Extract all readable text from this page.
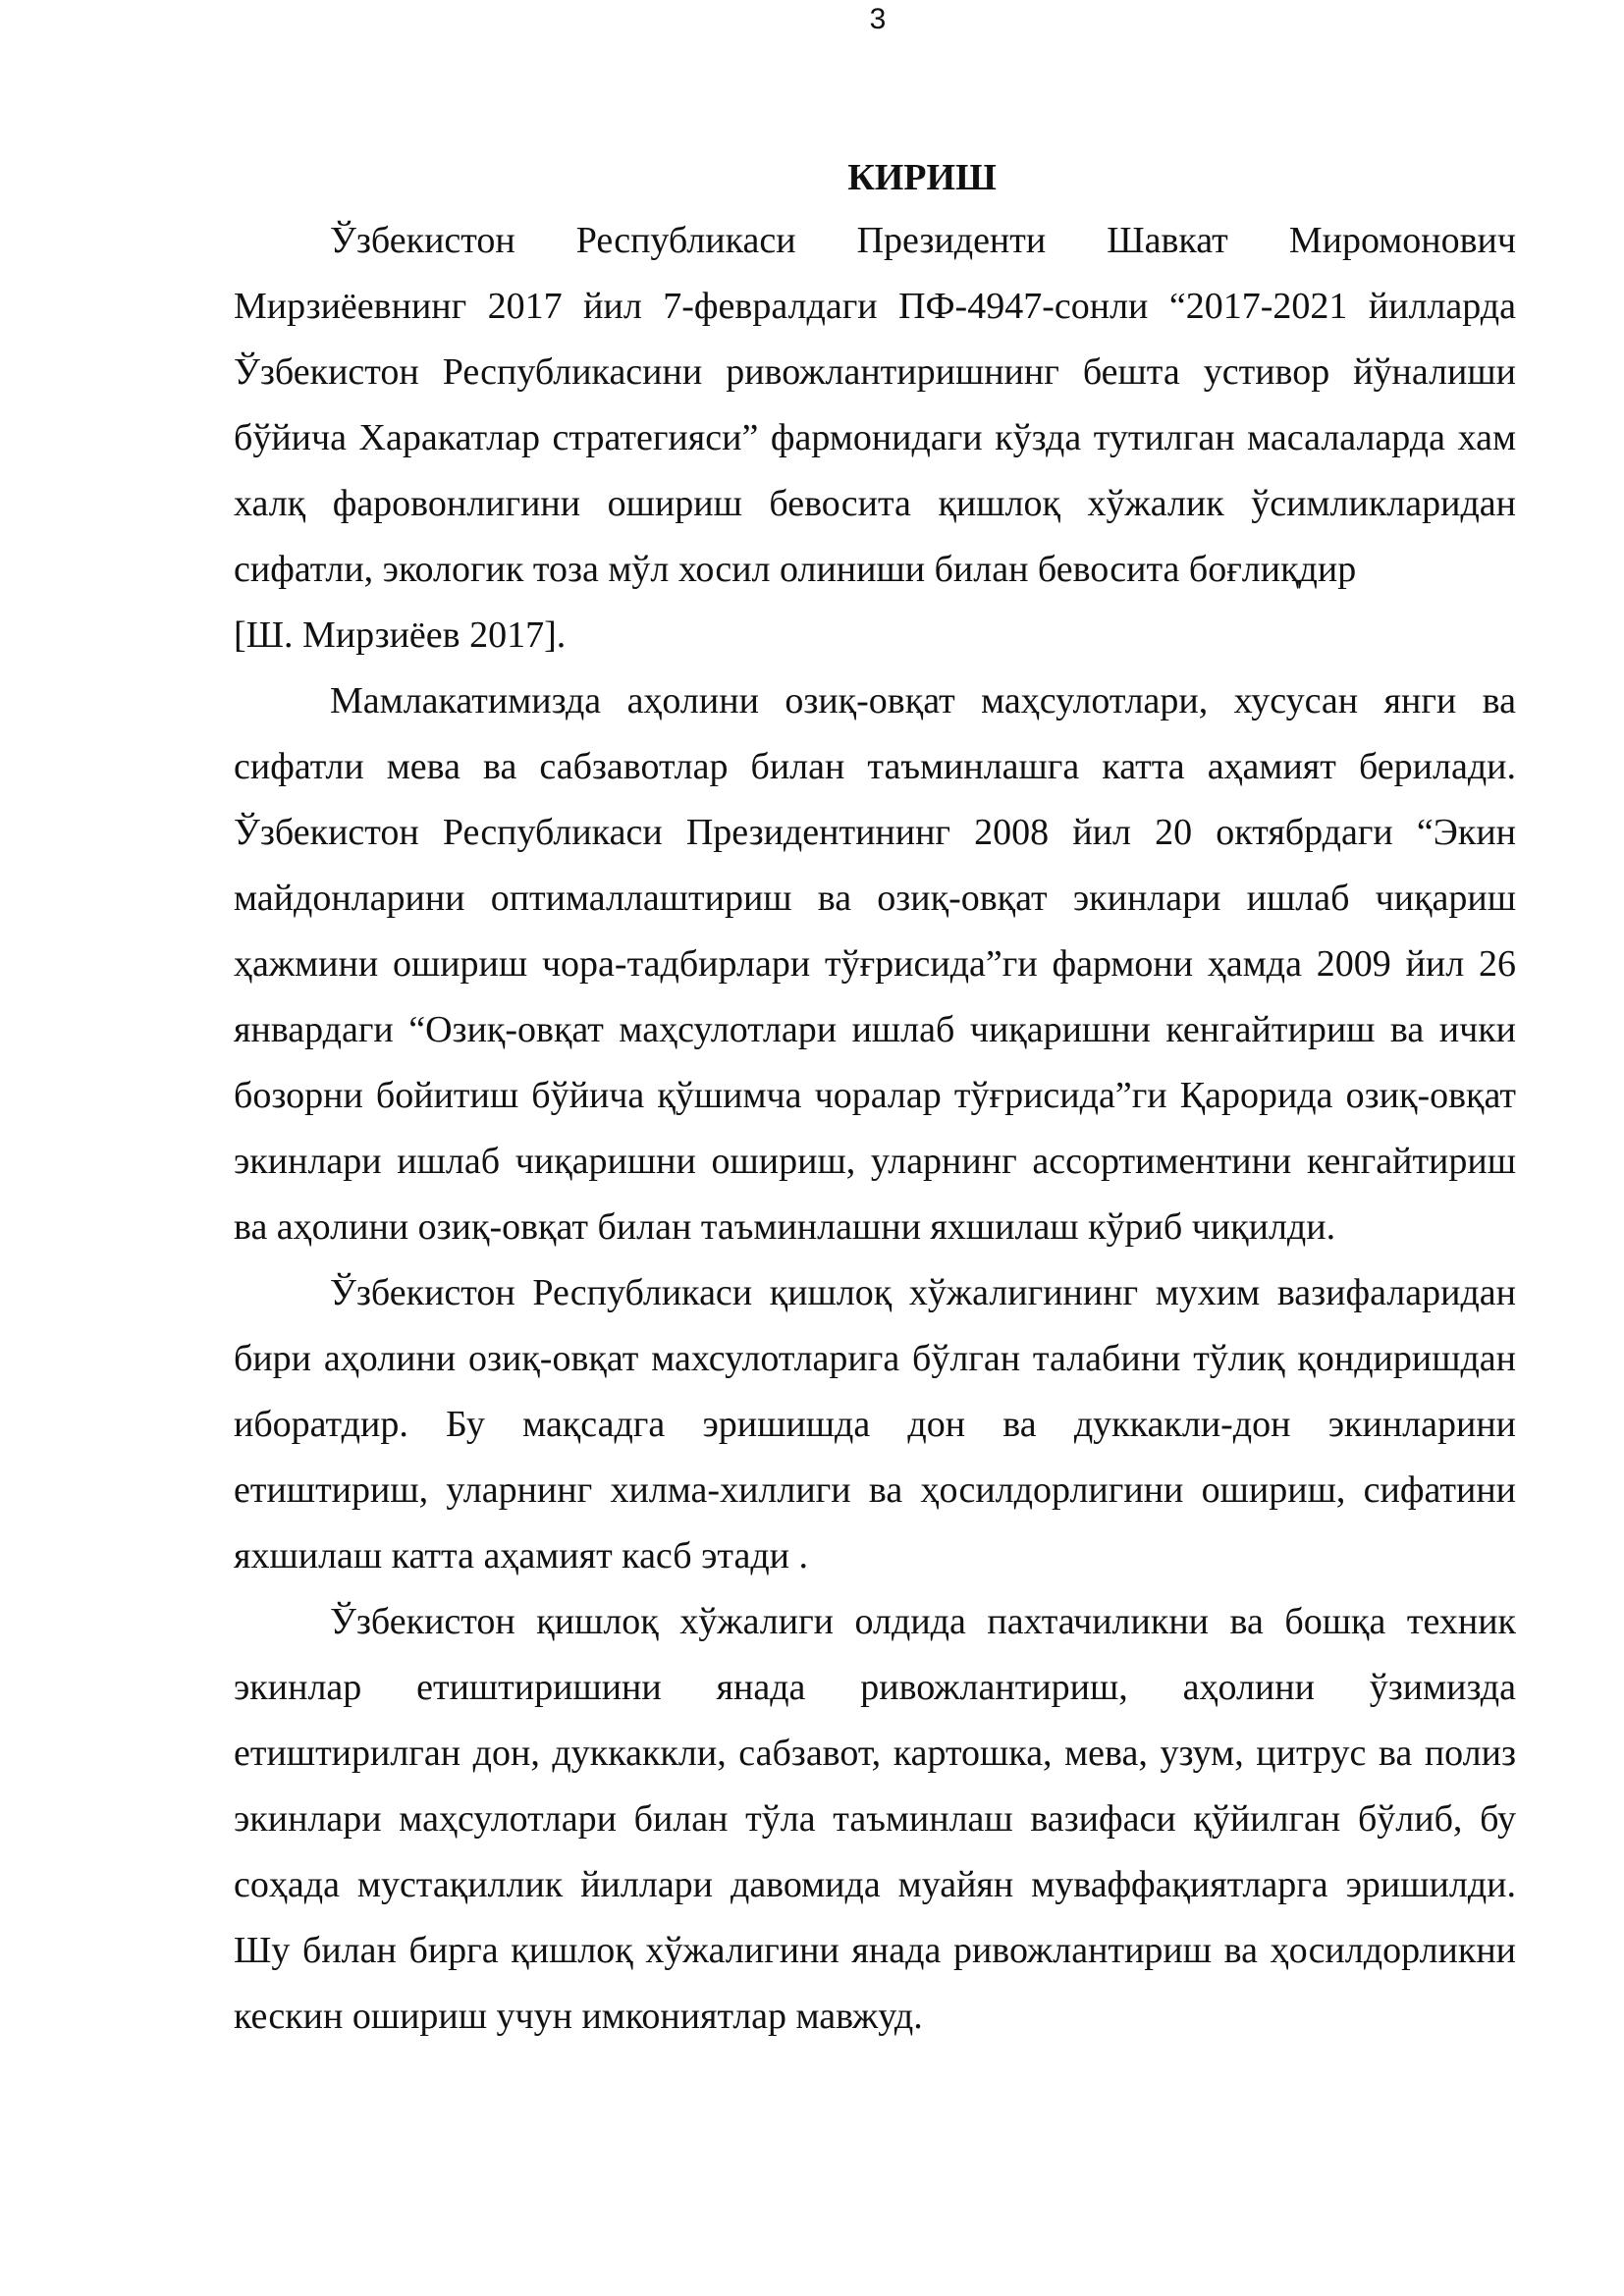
3
КИРИШ

Ўзбекистон Республикаси Президенти Шавкат Миромонович Мирзиёевнинг 2017 йил 7-февралдаги ПФ-4947-сонли “2017-2021 йилларда Ўзбекистон Республикасини ривожлантиришнинг бешта устивор йўналиши бўйича Харакатлар стратегияси” фармонидаги кўзда тутилган масалаларда хам халқ фаровонлигини ошириш бевосита қишлоқ хўжалик ўсимликларидан сифатли, экологик тоза мўл хосил олиниши билан бевосита боғлиқдир

[Ш. Мирзиёев 2017].

Мамлакатимизда аҳолини озиқ-овқат маҳсулотлари, хусусан янги ва сифатли мева ва сабзавотлар билан таъминлашга катта аҳамият берилади. Ўзбекистон Республикаси Президентининг 2008 йил 20 октябрдаги “Экин майдонларини оптималлаштириш ва озиқ-овқат экинлари ишлаб чиқариш ҳажмини ошириш чора-тадбирлари тўғрисида”ги фармони ҳамда 2009 йил 26 январдаги “Озиқ-овқат маҳсулотлари ишлаб чиқаришни кенгайтириш ва ички бозорни бойитиш бўйича қўшимча чоралар тўғрисида”ги Қарорида озиқ-овқат экинлари ишлаб чиқаришни ошириш, уларнинг ассортиментини кенгайтириш ва аҳолини озиқ-овқат билан таъминлашни яхшилаш кўриб чиқилди.

Ўзбекистон Республикаси қишлоқ хўжалигининг мухим вазифаларидан бири аҳолини озиқ-овқат махсулотларига бўлган талабини тўлиқ қондиришдан иборатдир. Бу мақсадга эришишда дон ва дуккакли-дон экинларини етиштириш, уларнинг хилма-хиллиги ва ҳосилдорлигини ошириш, сифатини яхшилаш катта аҳамият касб этади .

Ўзбекистон қишлоқ хўжалиги олдида пахтачиликни ва бошқа техник экинлар етиштиришини янада ривожлантириш, аҳолини ўзимизда етиштирилган дон, дуккаккли, сабзавот, картошка, мева, узум, цитрус ва полиз экинлари маҳсулотлари билан тўла таъминлаш вазифаси қўйилган бўлиб, бу соҳада мустақиллик йиллари давомида муайян муваффақиятларга эришилди. Шу билан бирга қишлоқ хўжалигини янада ривожлантириш ва ҳосилдорликни кескин ошириш учун имкониятлар мавжуд.
